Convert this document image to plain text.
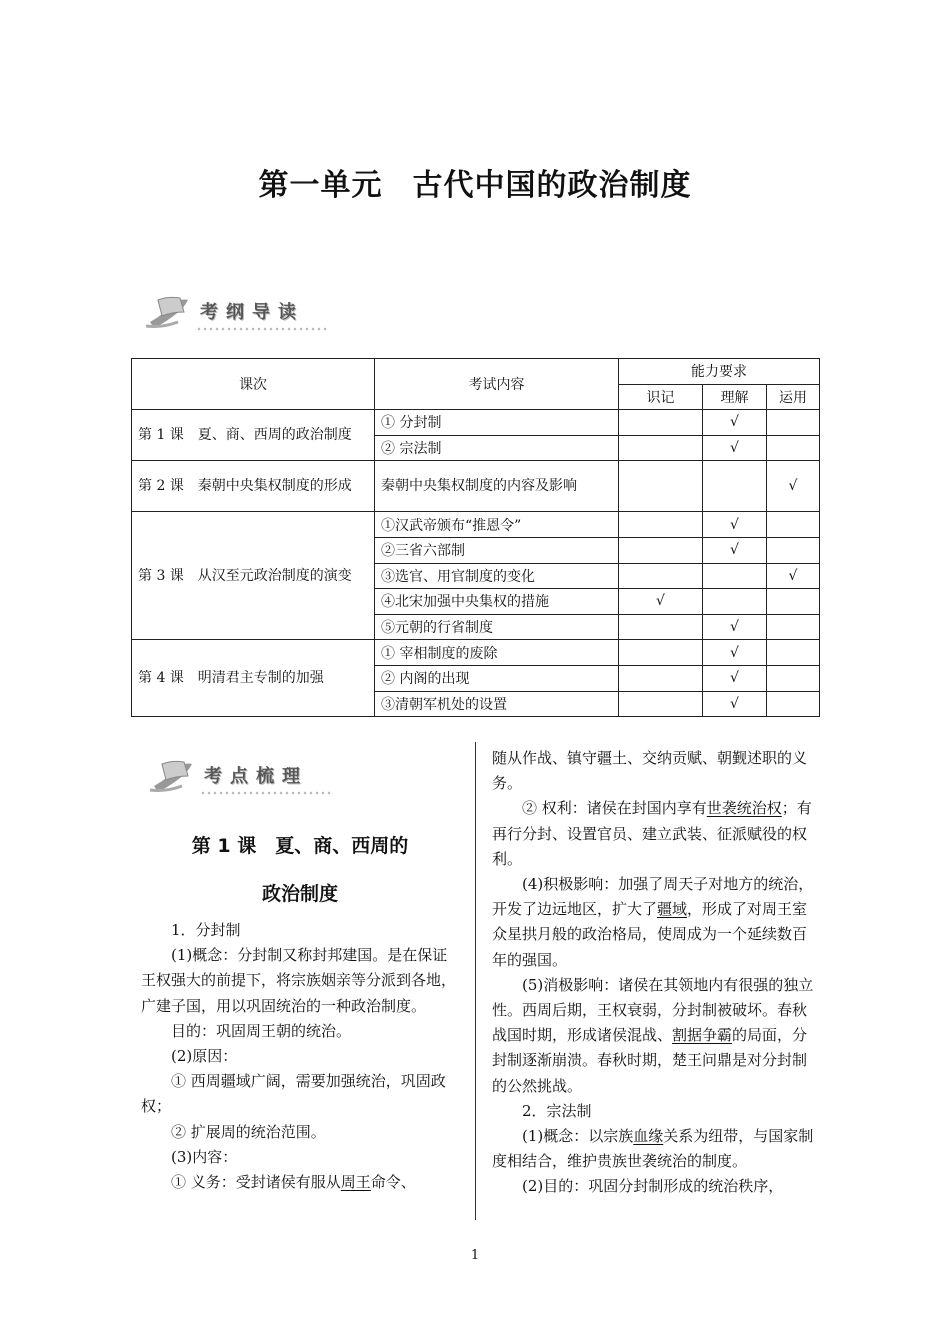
第一单元 古代中国的政治制度
考纲导读
课次	考试内容	能力要求		
		识记	理解	运用
第 1 课　夏、商、西周的政治制度	① 分封制		√	
	② 宗法制		√	
第 2 课　秦朝中央集权制度的形成	秦朝中央集权制度的内容及影响			√
第 3 课　从汉至元政治制度的演变	①汉武帝颁布“推恩令”		√	
	②三省六部制		√	
	③选官、用官制度的变化			√
	④北宋加强中央集权的措施	√		
	⑤元朝的行省制度		√	
第 4 课　明清君主专制的加强	① 宰相制度的废除		√	
	② 内阁的出现		√	
	③清朝军机处的设置		√	
考点梳理
第 1 课　夏、商、西周的
政治制度

1．分封制

(1)概念：分封制又称封邦建国。是在保证王权强大的前提下，将宗族姻亲等分派到各地，广建子国，用以巩固统治的一种政治制度。

目的：巩固周王朝的统治。

(2)原因：

① 西周疆域广阔，需要加强统治，巩固政权；

② 扩展周的统治范围。

(3)内容：

① 义务：受封诸侯有服从周王命令、

随从作战、镇守疆土、交纳贡赋、朝觐述职的义务。

② 权利：诸侯在封国内享有世袭统治权；有再行分封、设置官员、建立武装、征派赋役的权利。

(4)积极影响：加强了周天子对地方的统治，开发了边远地区，扩大了疆域，形成了对周王室众星拱月般的政治格局，使周成为一个延续数百年的强国。

(5)消极影响：诸侯在其领地内有很强的独立性。西周后期，王权衰弱，分封制被破坏。春秋战国时期，形成诸侯混战、割据争霸的局面，分封制逐渐崩溃。春秋时期，楚王问鼎是对分封制的公然挑战。

2．宗法制

(1)概念：以宗族血缘关系为纽带，与国家制度相结合，维护贵族世袭统治的制度。

(2)目的：巩固分封制形成的统治秩序，

1
